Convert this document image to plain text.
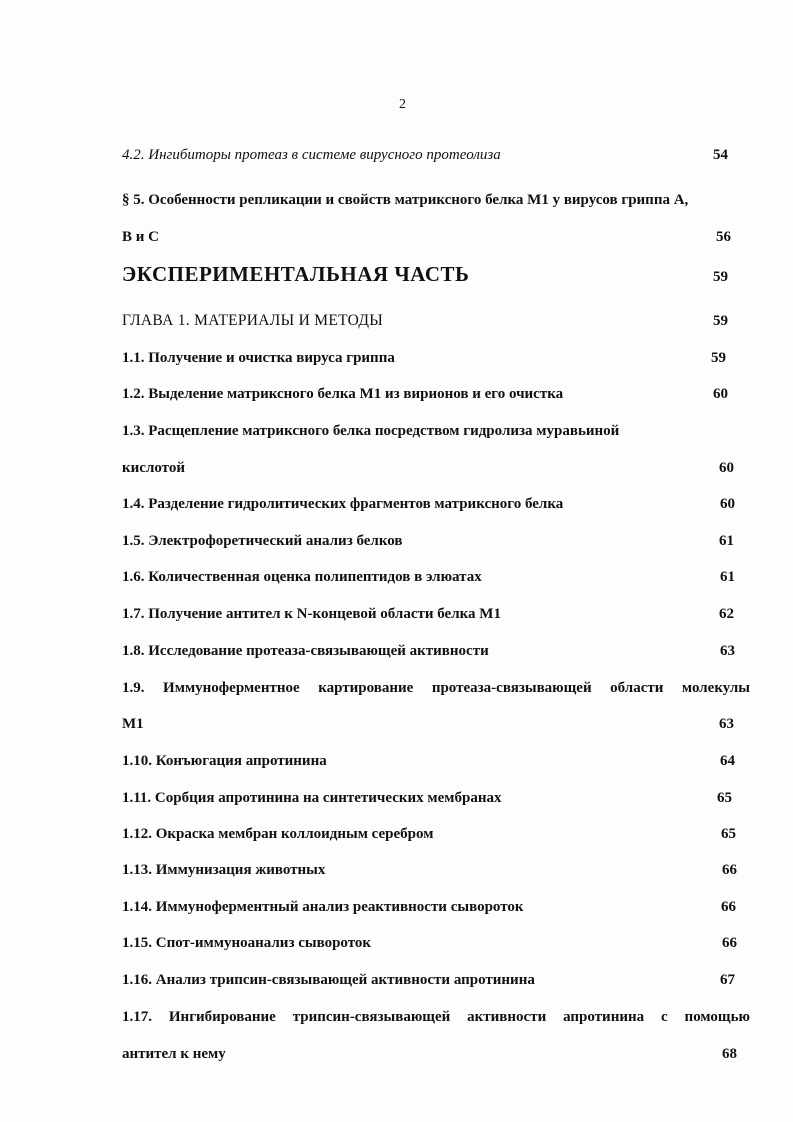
2
4.2. Ингибиторы протеаз в системе вирусного протеолиза	54
§ 5. Особенности репликации и свойств матриксного белка М1 у вирусов гриппа А,
В и С	56
ЭКСПЕРИМЕНТАЛЬНАЯ ЧАСТЬ	59
ГЛАВА 1. МАТЕРИАЛЫ И МЕТОДЫ	59
1.1. Получение и очистка вируса гриппа	59
1.2. Выделение матриксного белка М1 из вирионов и его очистка	60
1.3. Расщепление матриксного белка посредством гидролиза муравьиной
кислотой	60
1.4. Разделение гидролитических фрагментов матриксного белка	60
1.5. Электрофоретический анализ белков	61
1.6. Количественная оценка полипептидов в элюатах	61
1.7. Получение антител к N-концевой области белка М1	62
1.8. Исследование протеаза-связывающей активности	63
1.9. Иммуноферментное картирование протеаза-связывающей области молекулы
М1	63
1.10. Конъюгация апротинина	64
1.11. Сорбция апротинина на синтетических мембранах	65
1.12. Окраска мембран коллоидным серебром	65
1.13. Иммунизация животных	66
1.14. Иммуноферментный анализ реактивности сывороток	66
1.15. Спот-иммуноанализ сывороток	66
1.16. Анализ трипсин-связывающей активности апротинина	67
1.17. Ингибирование трипсин-связывающей активности апротинина с помощью
антител к нему	68
